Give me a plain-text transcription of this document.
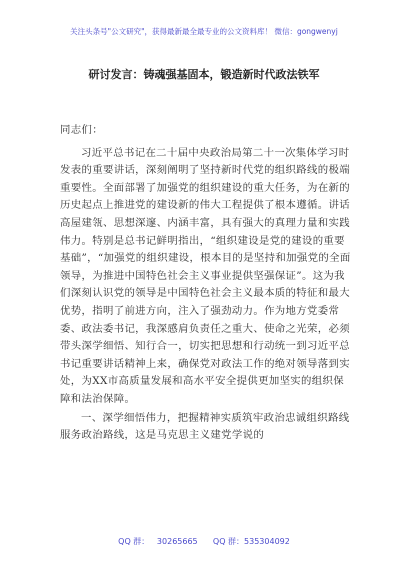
关注头条号"公文研究"，获得最新最全最专业的公文资料库！ 微信：gongwenyj
研讨发言：铸魂强基固本，锻造新时代政法铁军

同志们：

习近平总书记在二十届中央政治局第二十一次集体学习时发表的重要讲话，深刻阐明了坚持新时代党的组织路线的极端重要性。全面部署了加强党的组织建设的重大任务，为在新的历史起点上推进党的建设新的伟大工程提供了根本遵循。讲话高屋建瓴、思想深邃、内涵丰富，具有强大的真理力量和实践伟力。特别是总书记鲜明指出，“组织建设是党的建设的重要基础”，“加强党的组织建设，根本目的是坚持和加强党的全面领导，为推进中国特色社会主义事业提供坚强保证”。这为我们深刻认识党的领导是中国特色社会主义最本质的特征和最大优势，指明了前进方向，注入了强劲动力。作为地方党委常委、政法委书记，我深感肩负责任之重大、使命之光荣，必须带头深学细悟、知行合一，切实把思想和行动统一到习近平总书记重要讲话精神上来，确保党对政法工作的绝对领导落到实处，为XX市高质量发展和高水平安全提供更加坚实的组织保障和法治保障。

一、深学细悟伟力，把握精神实质筑牢政治忠诚组织路线服务政治路线，这是马克思主义建党学说的

QQ 群：   30265665      QQ 群：535304092
